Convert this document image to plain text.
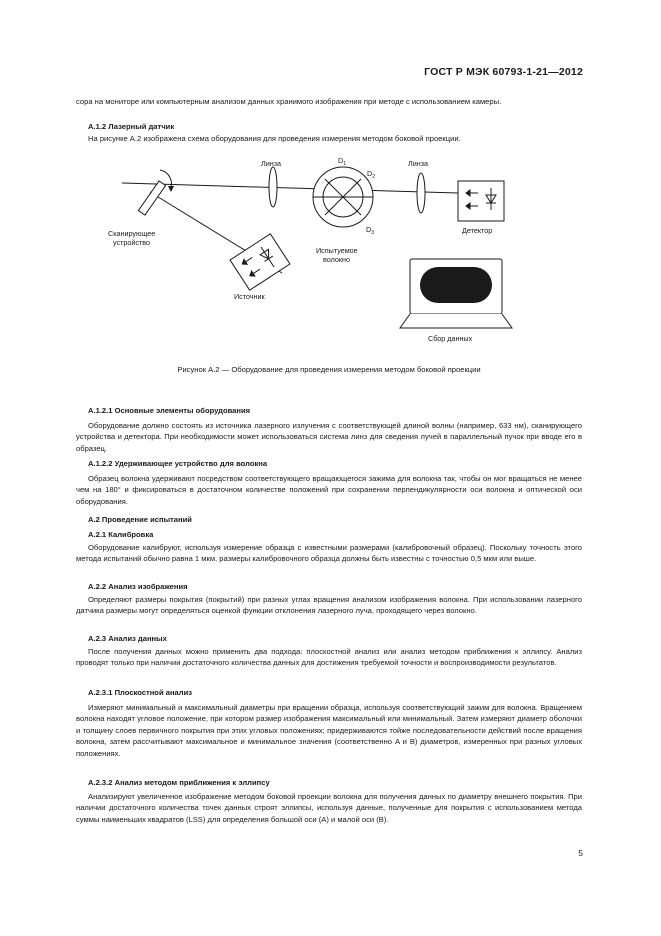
ГОСТ Р МЭК 60793-1-21—2012
сора на мониторе или компьютерным анализом данных хранимого изображения при методе с использованием камеры.
А.1.2 Лазерный датчик
На рисунке А.2 изображена схема оборудования для проведения измерения методом боковой проекции.
Линза	Линза
$D_1$
$D_2$
$D_3$
Сканирующее
устройство
Испытуемое
волокно
Детектор
Источник
Сбор данных
Рисунок А.2 — Оборудование для проведения измерения методом боковой проекции
А.1.2.1 Основные элементы оборудования
Оборудование должно состоять из источника лазерного излучения с соответствующей длиной волны (например, 633 нм), сканирующего устройства и детектора. При необходимости может использоваться система линз для сведения лучей в параллельный пучок при вводе его в образец.
А.1.2.2 Удерживающее устройство для волокна
Образец волокна удерживают посредством соответствующего вращающегося зажима для волокна так, чтобы он мог вращаться не менее чем на 180° и фиксироваться в достаточном количестве положений при сохранении перпендикулярности оси волокна и оптической оси оборудования.
А.2 Проведение испытаний
А.2.1 Калибровка
Оборудование калибруют, используя измерение образца с известными размерами (калибровочный образец). Поскольку точность этого метода испытаний обычно равна 1 мкм, размеры калибровочного образца должны быть известны с точностью 0,5 мкм или выше.
А.2.2 Анализ изображения
Определяют размеры покрытия (покрытий) при разных углах вращения анализом изображения волокна. При использовании лазерного датчика размеры могут определяться оценкой функции отклонения лазерного луча, проходящего через волокно.
А.2.3 Анализ данных
После получения данных можно применить два подхода: плоскостной анализ или анализ методом приближения к эллипсу. Анализ проводят только при наличии достаточного количества данных для достижения требуемой точности и воспроизводимости результатов.
А.2.3.1 Плоскостной анализ
Измеряют минимальный и максимальный диаметры при вращении образца, используя соответствующий зажим для волокна. Вращением волокна находят угловое положение, при котором размер изображения максимальный или минимальный. Затем измеряют диаметр оболочки и толщину слоев первичного покрытия при этих угловых положениях; придерживаются тойже последовательности действий после вращения волокна, затем рассчитывают максимальное и минимальное значения (соответственно A и B) диаметров, измеренных при разных угловых положениях.
А.2.3.2 Анализ методом приближения к эллипсу
Анализируют увеличенное изображение методом боковой проекции волокна для получения данных по диаметру внешнего покрытия. При наличии достаточного количества точек данных строят эллипсы, используя данные, полученные для покрытия с использованием метода суммы наименьших квадратов (LSS) для определения большой оси (A) и малой оси (B).
5
